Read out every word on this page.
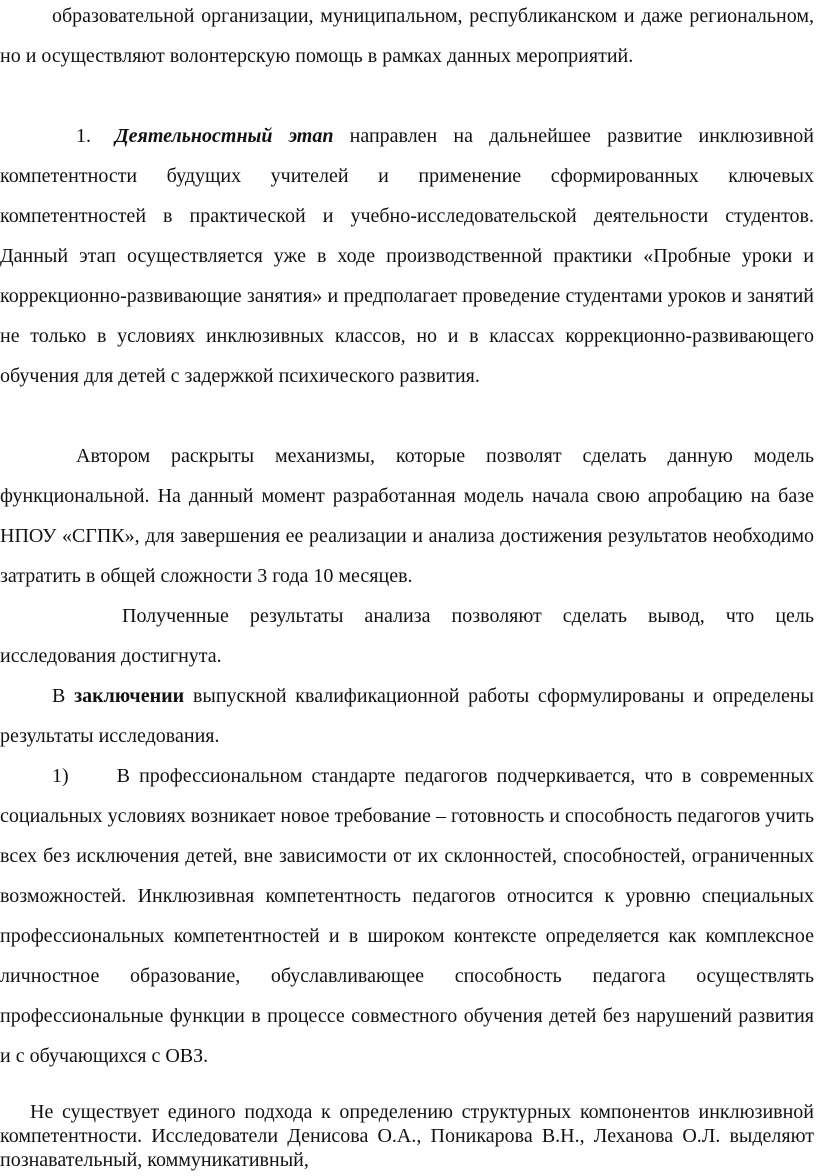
образовательной организации, муниципальном, республиканском и даже региональном, но и осуществляют волонтерскую помощь в рамках данных мероприятий.

1. Деятельностный этап направлен на дальнейшее развитие инклюзивной компетентности будущих учителей и применение сформированных ключевых компетентностей в практической и учебно-исследовательской деятельности студентов. Данный этап осуществляется уже в ходе производственной практики «Пробные уроки и коррекционно-развивающие занятия» и предполагает проведение студентами уроков и занятий не только в условиях инклюзивных классов, но и в классах коррекционно-развивающего обучения для детей с задержкой психического развития.

Автором раскрыты механизмы, которые позволят сделать данную модель функциональной. На данный момент разработанная модель начала свою апробацию на базе НПОУ «СГПК», для завершения ее реализации и анализа достижения результатов необходимо затратить в общей сложности 3 года 10 месяцев.

Полученные результаты анализа позволяют сделать вывод, что цель исследования достигнута.

В заключении выпускной квалификационной работы сформулированы и определены результаты исследования.

1) В профессиональном стандарте педагогов подчеркивается, что в современных социальных условиях возникает новое требование – готовность и способность педагогов учить всех без исключения детей, вне зависимости от их склонностей, способностей, ограниченных возможностей. Инклюзивная компетентность педагогов относится к уровню специальных профессиональных компетентностей и в широком контексте определяется как комплексное личностное образование, обуславливающее способность педагога осуществлять профессиональные функции в процессе совместного обучения детей без нарушений развития и с обучающихся с ОВЗ.

Не существует единого подхода к определению структурных компонентов инклюзивной компетентности. Исследователи Денисова О.А., Поникарова В.Н., Леханова О.Л. выделяют познавательный, коммуникативный,
